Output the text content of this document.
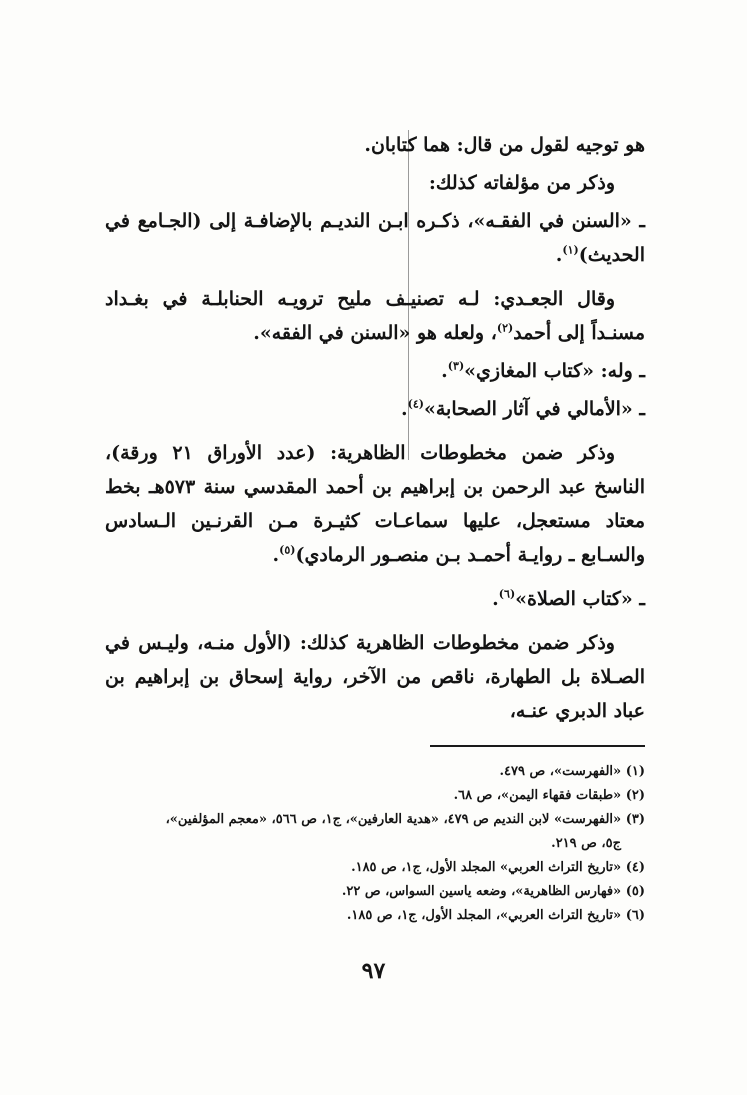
هو توجيه لقول من قال: هما كتابان.

وذكر من مؤلفاته كذلك:

ـ «السنن في الفقـه»، ذكـره ابـن النديـم بالإضافـة إلى (الجـامع في الحديث)$^{(١)}$.

وقال الجعـدي: لـه تصنيـف مليح ترويـه الحنابلـة في بغـداد مسنـداً إلى أحمد$^{(٢)}$، ولعله هو «السنن في الفقه».

ـ وله: «كتاب المغازي»$^{(٣)}$.

ـ «الأمالي في آثار الصحابة»$^{(٤)}$.

وذكر ضمن مخطوطات الظاهرية: (عدد الأوراق ٢١ ورقة)، الناسخ عبد الرحمن بن إبراهيم بن أحمد المقدسي سنة ٥٧٣هـ بخط معتاد مستعجل، عليها سماعـات كثيـرة مـن القرنـين الـسادس والسـابع ـ روايـة أحمـد بـن منصـور الرمادي)$^{(٥)}$.

ـ «كتاب الصلاة»$^{(٦)}$.

وذكر ضمن مخطوطات الظاهرية كذلك: (الأول منـه، وليـس في الصـلاة بل الطهارة، ناقص من الآخر، رواية إسحاق بن إبراهيم بن عباد الدبري عنـه،

(١) «الفهرست»، ص ٤٧٩.

(٢) «طبقات فقهاء اليمن»، ص ٦٨.

(٣) «الفهرست» لابن النديم ص ٤٧٩، «هدية العارفين»، ج١، ص ٥٦٦، «معجم المؤلفين»،

ج٥، ص ٢١٩.

(٤) «تاريخ التراث العربي» المجلد الأول، ج١، ص ١٨٥.

(٥) «فهارس الظاهرية»، وضعه ياسين السواس، ص ٢٢.

(٦) «تاريخ التراث العربي»، المجلد الأول، ج١، ص ١٨٥.

٩٧
